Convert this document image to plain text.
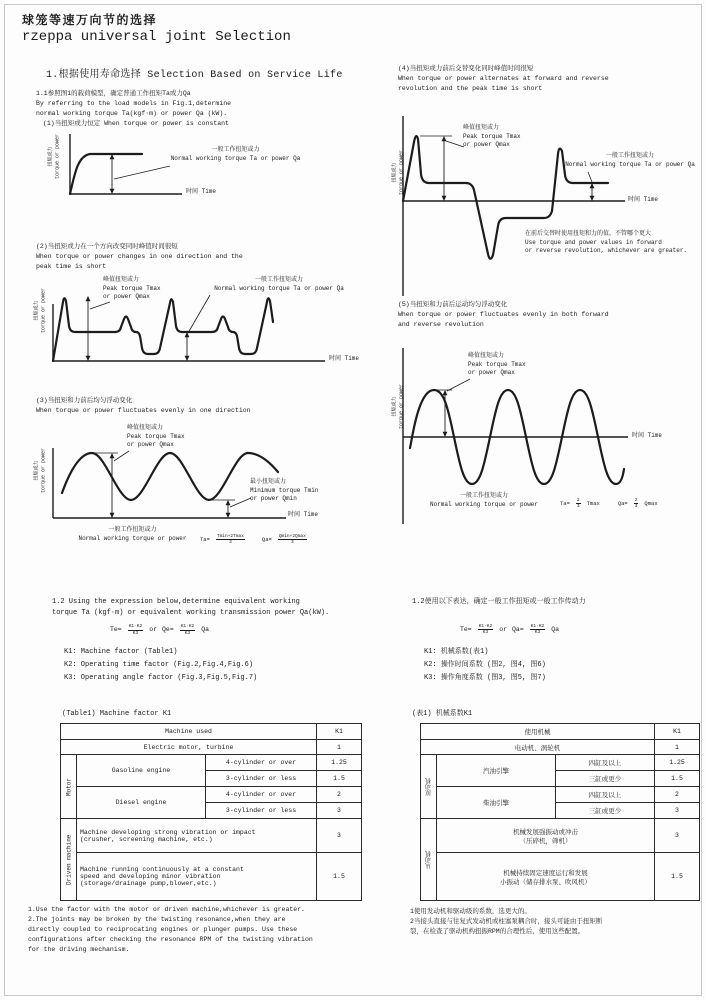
球笼等速万向节的选择
rzeppa universal joint Selection
1.根据使用寿命选择 Selection Based on Service Life
1.1参照图1的载荷模型，确定普通工作扭矩Ta或力Qa
By referring to the load models in Fig.1,determine
normal working torque Ta(kgf·m) or power Qa (kW).
(1)当扭矩或力恒定 When torque or power is constant
扭矩或力 torque or power	一般工作扭矩或力
Normal working torque Ta or power Qa
时间 Time
(2)当扭矩或力在一个方向改变同时峰值时间很短
When torque or power changes in one direction and the
peak time is short
扭矩或力 torque or power
峰值扭矩或力
Peak torque Tmax
or power Qmax
一般工作扭矩或力
Normal working torque Ta or power Qa
时间 Time
(3)当扭矩和力前后均匀浮动变化
When torque or power fluctuates evenly in one direction
扭矩或力 torque or power
峰值扭矩或力
Peak torque Tmax
or power Qmax
最小扭矩或力
Minimum torque Tmin
or power Qmin
一般工作扭矩或力
Normal working torque or power
时间 Time
$Ta= \frac{Tmin+2Tmax}{3}$	$Qa= \frac{Qmin+2Qmax}{3}$
(4)当扭矩或力前后交替变化同时峰值时间很短
When torque or power alternates at forward and reverse
revolution and the peak time is short
扭矩或力 torque or power
峰值扭矩或力
Peak torque Tmax
or power Qmax
一般工作扭矩或力
Normal working torque Ta or power Qa
时间 Time
在前后交替时使用扭矩和力的值，不管哪个更大
Use torque and power values in forward
or reverse revolution, whichever are greater.
(5)当扭矩和力前后运动均匀浮动变化
When torque or power fluctuates evenly in both forward
and reverse revolution
扭矩或力 torque or power
峰值扭矩或力
Peak torque Tmax
or power Qmax
时间 Time
一般工作扭矩或力
Normal working torque or power	$Ta= \frac{2}{3}$ Tmax	$Qa= \frac{2}{3}$ Qmax
1.2 Using the expression below,determine equivalent working
torque Ta (kgf·m) or equivalent working transmission power Qa(kW).
$Te= \frac{K1\cdot K2}{K3}$ or $Qe= \frac{K1\cdot K2}{K3}$ Qa
K1: Machine factor (Table1)
K2: Operating time factor (Fig.2,Fig.4,Fig.6)
K3: Operating angle factor (Fig.3,Fig.5,Fig.7)
1.2使用以下表达，确定一般工作扭矩或一般工作传动力
$Te= \frac{K1\cdot K2}{K3}$ or $Qa= \frac{K1\cdot K2}{K3}$ Qa
K1: 机械系数(表1)
K2: 操作时间系数 (图2, 图4, 图6)
K3: 操作角度系数 (图3, 图5, 图7)
(Table1) Machine factor K1
Machine used			K1
Electric motor, turbine			1
Motor	Gasoline engine	4-cylinder or over	1.25
		3-cylinder or less	1.5
	Diesel engine	4-cylinder or over	2
		3-cylinder or less	3
Driven machine	Machine developing strong vibration or impact
(crusher, screening machine, etc.)		3

	Machine running continuously at a constant
speed and developing minor vibration
(storage/drainage pump,blower,etc.)		1.5
(表1) 机械系数K1
使用机械			K1
电动机、涡轮机			1
原动机	汽油引擎	四缸及以上	1.25
		三缸或更少	1.5
	柴油引擎	四缸及以上	2
		三缸或更少	3
从动机	机械发展强振动或冲击
（压碎机，筛机）		3

	机械持续固定速度运行和发展
小振动（储存排水泵、吹风机）		1.5
1.Use the factor with the motor or driven machine,whichever is greater.
2.The joints may be broken by the twisting resonance,when they are
directly coupled to reciprocating engines or plunger pumps. Use these
configurations after checking the resonance RPM of the twisting vibration
for the driving mechanism.
1使用发动机和驱动级的系数，选更大的。
2当接头直接与往复式发动机或柱塞泵耦合时，接头可能由于扭矩断
裂，在检查了驱动机构扭振RPM的合理性后，使用这些配置。
